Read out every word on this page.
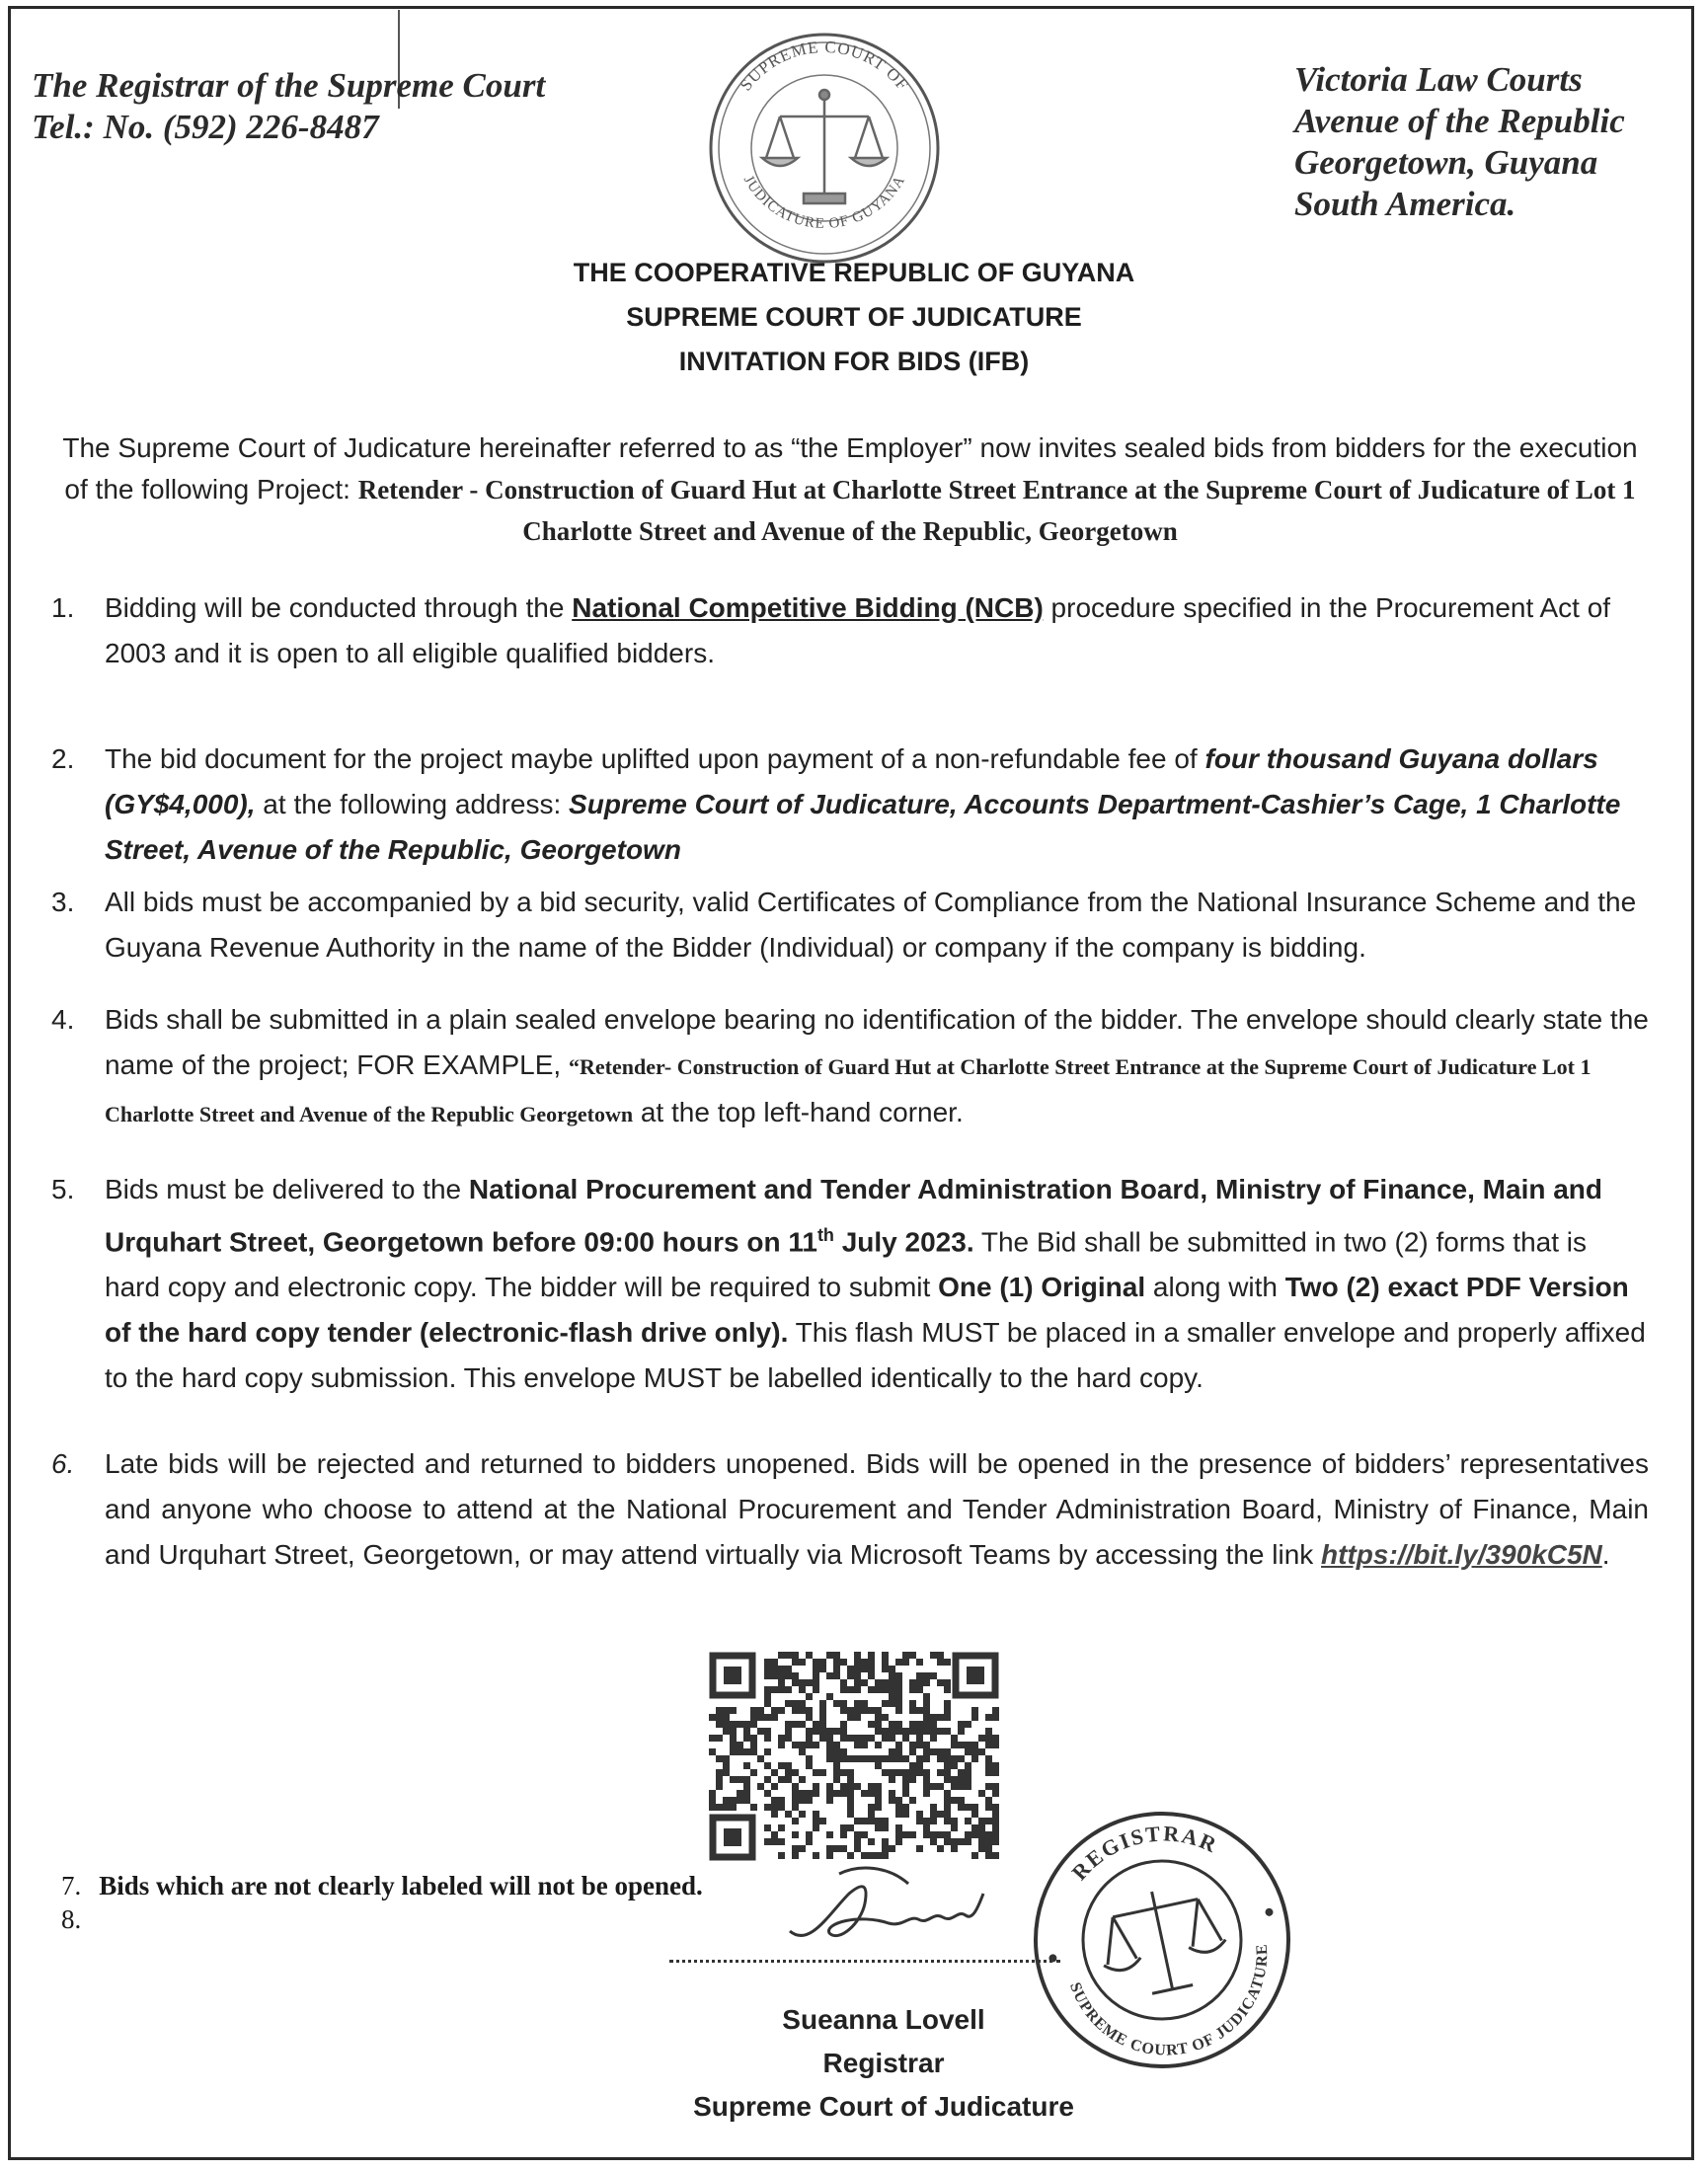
The Registrar of the Supreme Court
Tel.: No. (592) 226-8487
Victoria Law Courts
Avenue of the Republic
Georgetown, Guyana
South America.
SUPREME COURT OF
JUDICATURE OF GUYANA
THE COOPERATIVE REPUBLIC OF GUYANA
SUPREME COURT OF JUDICATURE
INVITATION FOR BIDS (IFB)
The Supreme Court of Judicature hereinafter referred to as “the Employer” now invites sealed bids from bidders for the execution of the following Project: Retender - Construction of Guard Hut at Charlotte Street Entrance at the Supreme Court of Judicature of Lot 1 Charlotte Street and Avenue of the Republic, Georgetown
1. Bidding will be conducted through the National Competitive Bidding (NCB) procedure specified in the Procurement Act of 2003 and it is open to all eligible qualified bidders.
2. The bid document for the project maybe uplifted upon payment of a non-refundable fee of four thousand Guyana dollars (GY$4,000), at the following address: Supreme Court of Judicature, Accounts Department-Cashier’s Cage, 1 Charlotte Street, Avenue of the Republic, Georgetown
3. All bids must be accompanied by a bid security, valid Certificates of Compliance from the National Insurance Scheme and the Guyana Revenue Authority in the name of the Bidder (Individual) or company if the company is bidding.
4. Bids shall be submitted in a plain sealed envelope bearing no identification of the bidder. The envelope should clearly state the name of the project; FOR EXAMPLE, “Retender- Construction of Guard Hut at Charlotte Street Entrance at the Supreme Court of Judicature Lot 1 Charlotte Street and Avenue of the Republic Georgetown at the top left-hand corner.
5. Bids must be delivered to the National Procurement and Tender Administration Board, Ministry of Finance, Main and Urquhart Street, Georgetown before 09:00 hours on 11th July 2023. The Bid shall be submitted in two (2) forms that is hard copy and electronic copy. The bidder will be required to submit One (1) Original along with Two (2) exact PDF Version of the hard copy tender (electronic-flash drive only). This flash MUST be placed in a smaller envelope and properly affixed to the hard copy submission. This envelope MUST be labelled identically to the hard copy.
6. Late bids will be rejected and returned to bidders unopened. Bids will be opened in the presence of bidders’ representatives and anyone who choose to attend at the National Procurement and Tender Administration Board, Ministry of Finance, Main and Urquhart Street, Georgetown, or may attend virtually via Microsoft Teams by accessing the link https://bit.ly/390kC5N.
7. Bids which are not clearly labeled will not be opened.
8.
Sueanna Lovell
Registrar
Supreme Court of Judicature
REGISTRAR
SUPREME COURT OF JUDICATURE
